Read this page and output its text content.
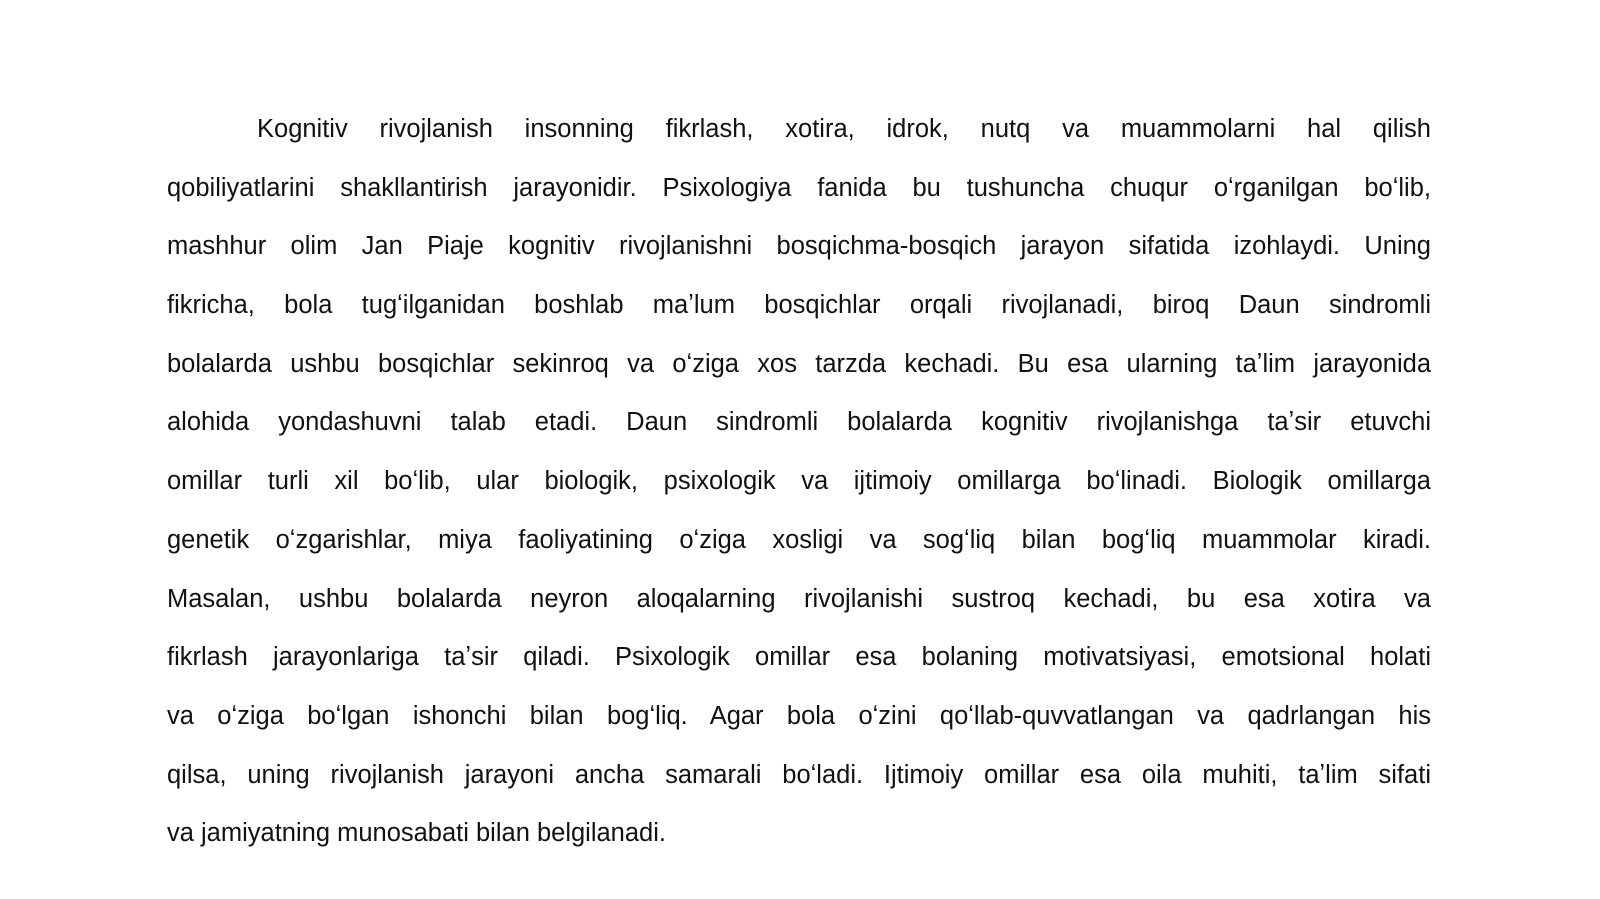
Kognitiv rivojlanish insonning fikrlash, xotira, idrok, nutq va muammolarni hal qilish
qobiliyatlarini shakllantirish jarayonidir. Psixologiya fanida bu tushuncha chuqur oʻrganilgan boʻlib,
mashhur olim Jan Piaje kognitiv rivojlanishni bosqichma-bosqich jarayon sifatida izohlaydi. Uning
fikricha, bola tugʻilganidan boshlab maʼlum bosqichlar orqali rivojlanadi, biroq Daun sindromli
bolalarda ushbu bosqichlar sekinroq va oʻziga xos tarzda kechadi. Bu esa ularning taʼlim jarayonida
alohida yondashuvni talab etadi. Daun sindromli bolalarda kognitiv rivojlanishga taʼsir etuvchi
omillar turli xil boʻlib, ular biologik, psixologik va ijtimoiy omillarga boʻlinadi. Biologik omillarga
genetik oʻzgarishlar, miya faoliyatining oʻziga xosligi va sogʻliq bilan bogʻliq muammolar kiradi.
Masalan, ushbu bolalarda neyron aloqalarning rivojlanishi sustroq kechadi, bu esa xotira va
fikrlash jarayonlariga taʼsir qiladi. Psixologik omillar esa bolaning motivatsiyasi, emotsional holati
va oʻziga boʻlgan ishonchi bilan bogʻliq. Agar bola oʻzini qoʻllab-quvvatlangan va qadrlangan his
qilsa, uning rivojlanish jarayoni ancha samarali boʻladi. Ijtimoiy omillar esa oila muhiti, taʼlim sifati
va jamiyatning munosabati bilan belgilanadi.
